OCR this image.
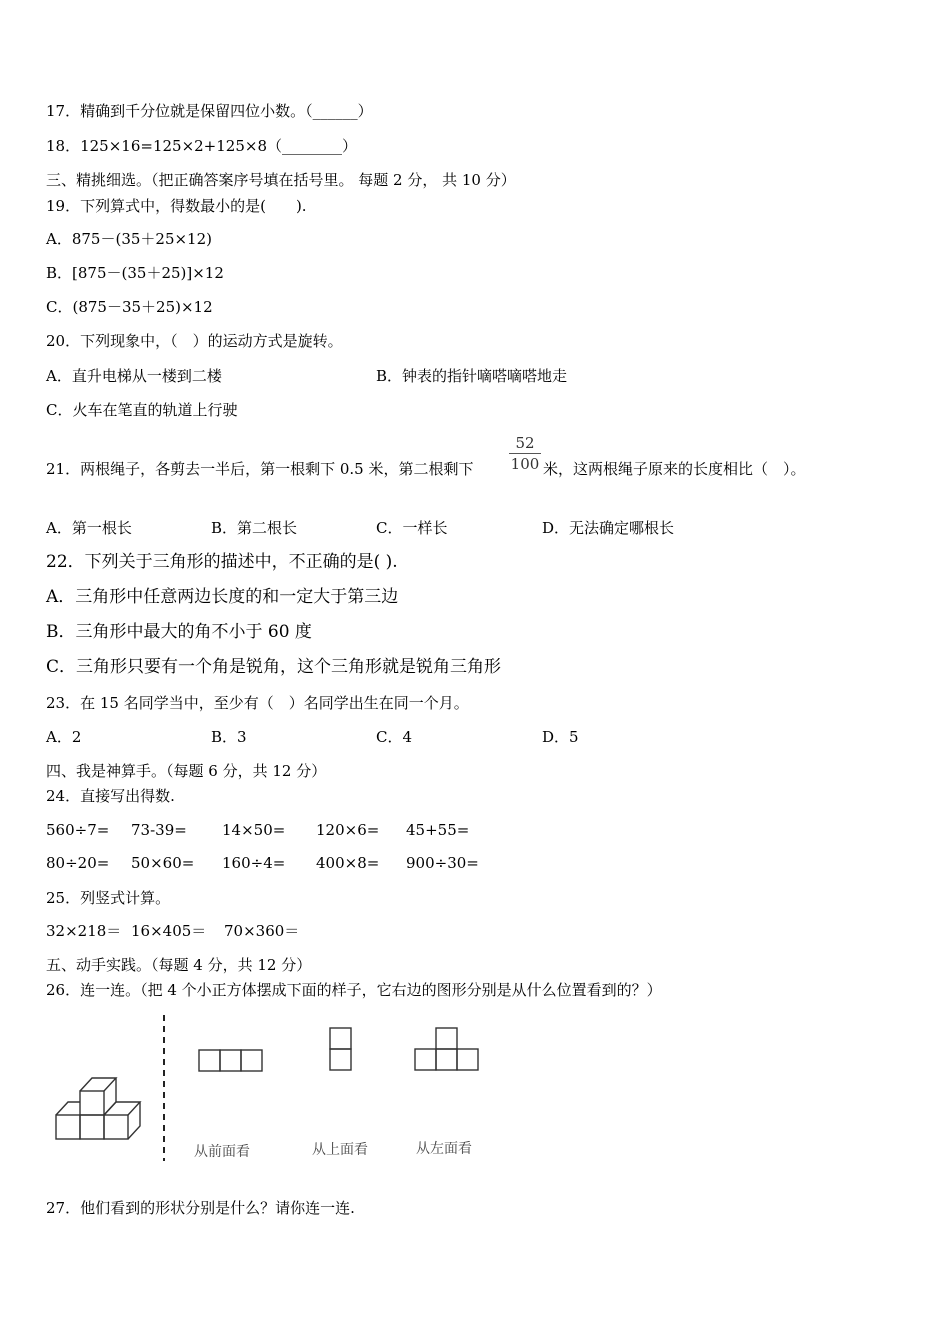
17．精确到千分位就是保留四位小数。（______）
18．125×16=125×2+125×8（________）
三、精挑细选。（把正确答案序号填在括号里。 每题 2 分， 共 10 分）
19．下列算式中，得数最小的是(　　).
A．875－(35＋25×12)
B．[875－(35＋25)]×12
C．(875－35＋25)×12
20．下列现象中，（　）的运动方式是旋转。
A．直升电梯从一楼到二楼	B．钟表的指针嘀嗒嘀嗒地走
C．火车在笔直的轨道上行驶
21．两根绳子，各剪去一半后，第一根剩下 0.5 米，第二根剩下
52
100 米，这两根绳子原来的长度相比（　）。
A．第一根长	B．第二根长	C．一样长	D．无法确定哪根长
22．下列关于三角形的描述中，不正确的是( ).
A．三角形中任意两边长度的和一定大于第三边
B．三角形中最大的角不小于 60 度
C．三角形只要有一个角是锐角，这个三角形就是锐角三角形
23．在 15 名同学当中，至少有（　）名同学出生在同一个月。
A．2	B．3	C．4	D．5
四、我是神算手。（每题 6 分，共 12 分）
24．直接写出得数.
560÷7= 73-39= 14×50= 120×6= 45+55=
80÷20= 50×60= 160÷4= 400×8= 900÷30=
25．列竖式计算。
32×218＝ 16×405＝ 70×360＝
五、动手实践。（每题 4 分，共 12 分）
26．连一连。（把 4 个小正方体摆成下面的样子，它右边的图形分别是从什么位置看到的？）
从前面看	从上面看	从左面看
27．他们看到的形状分别是什么？请你连一连.
